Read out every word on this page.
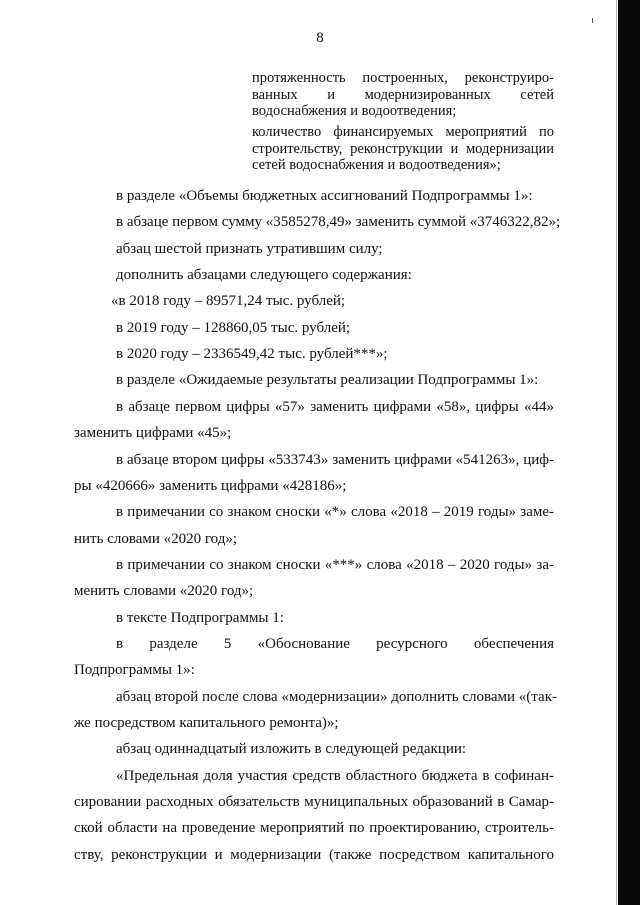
8
протяженность построенных, реконструиро-
ванных и модернизированных сетей
водоснабжения и водоотведения;
количество финансируемых мероприятий по
строительству, реконструкции и модернизации
сетей водоснабжения и водоотведения»;
в разделе «Объемы бюджетных ассигнований Подпрограммы 1»:
в абзаце первом сумму «3585278,49» заменить суммой «3746322,82»;
абзац шестой признать утратившим силу;
дополнить абзацами следующего содержания:
«в 2018 году – 89571,24 тыс. рублей;
в 2019 году – 128860,05 тыс. рублей;
в 2020 году – 2336549,42 тыс. рублей***»;
в разделе «Ожидаемые результаты реализации Подпрограммы 1»:
в абзаце первом цифры «57» заменить цифрами «58», цифры «44»
заменить цифрами «45»;
в абзаце втором цифры «533743» заменить цифрами «541263», циф-
ры «420666» заменить цифрами «428186»;
в примечании со знаком сноски «*» слова «2018 – 2019 годы» заме-
нить словами «2020 год»;
в примечании со знаком сноски «***» слова «2018 – 2020 годы» за-
менить словами «2020 год»;
в тексте Подпрограммы 1:
в разделе 5 «Обоснование ресурсного обеспечения
Подпрограммы 1»:
абзац второй после слова «модернизации» дополнить словами «(так-
же посредством капитального ремонта)»;
абзац одиннадцатый изложить в следующей редакции:
«Предельная доля участия средств областного бюджета в софинан-
сировании расходных обязательств муниципальных образований в Самар-
ской области на проведение мероприятий по проектированию, строитель-
ству, реконструкции и модернизации (также посредством капитального
